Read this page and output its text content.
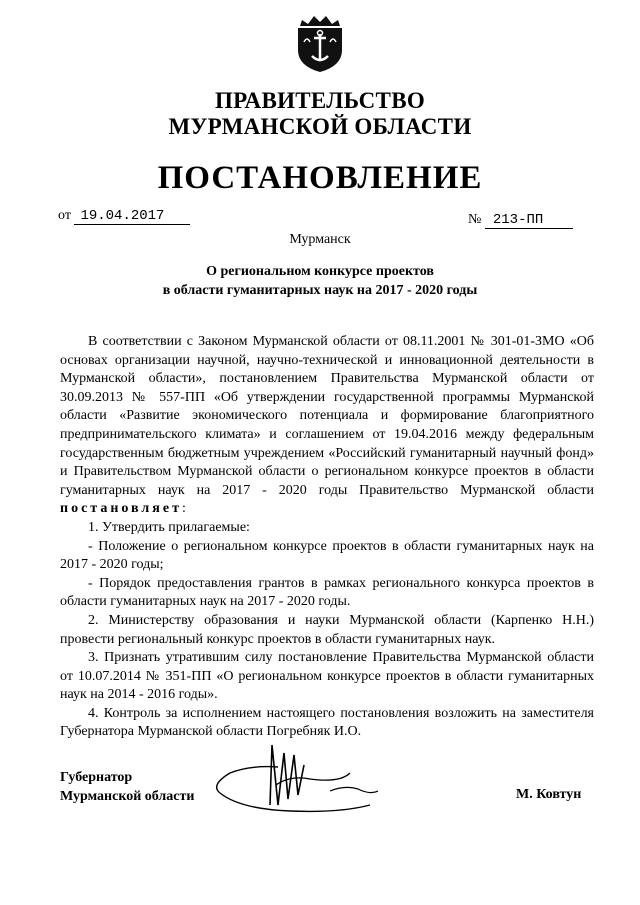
ПРАВИТЕЛЬСТВО
МУРМАНСКОЙ ОБЛАСТИ
ПОСТАНОВЛЕНИЕ
от 19.04.2017	№ 213-ПП
Мурманск
О региональном конкурсе проектов
в области гуманитарных наук на 2017 - 2020 годы

В соответствии с Законом Мурманской области от 08.11.2001 № 301-01-ЗМО «Об основах организации научной, научно-технической и инновационной деятельности в Мурманской области», постановлением Правительства Мурманской области от 30.09.2013 № 557-ПП «Об утверждении государственной программы Мурманской области «Развитие экономического потенциала и формирование благоприятного предпринимательского климата» и соглашением от 19.04.2016 между федеральным государственным бюджетным учреждением «Российский гуманитарный научный фонд» и Правительством Мурманской области о региональном конкурсе проектов в области гуманитарных наук на 2017 - 2020 годы Правительство Мурманской области постановляет:

1. Утвердить прилагаемые:

- Положение о региональном конкурсе проектов в области гуманитарных наук на 2017 - 2020 годы;

- Порядок предоставления грантов в рамках регионального конкурса проектов в области гуманитарных наук на 2017 - 2020 годы.

2. Министерству образования и науки Мурманской области (Карпенко Н.Н.) провести региональный конкурс проектов в области гуманитарных наук.

3. Признать утратившим силу постановление Правительства Мурманской области от 10.07.2014 № 351-ПП «О региональном конкурсе проектов в области гуманитарных наук на 2014 - 2016 годы».

4. Контроль за исполнением настоящего постановления возложить на заместителя Губернатора Мурманской области Погребняк И.О.

Губернатор
Мурманской области	М. Ковтун
